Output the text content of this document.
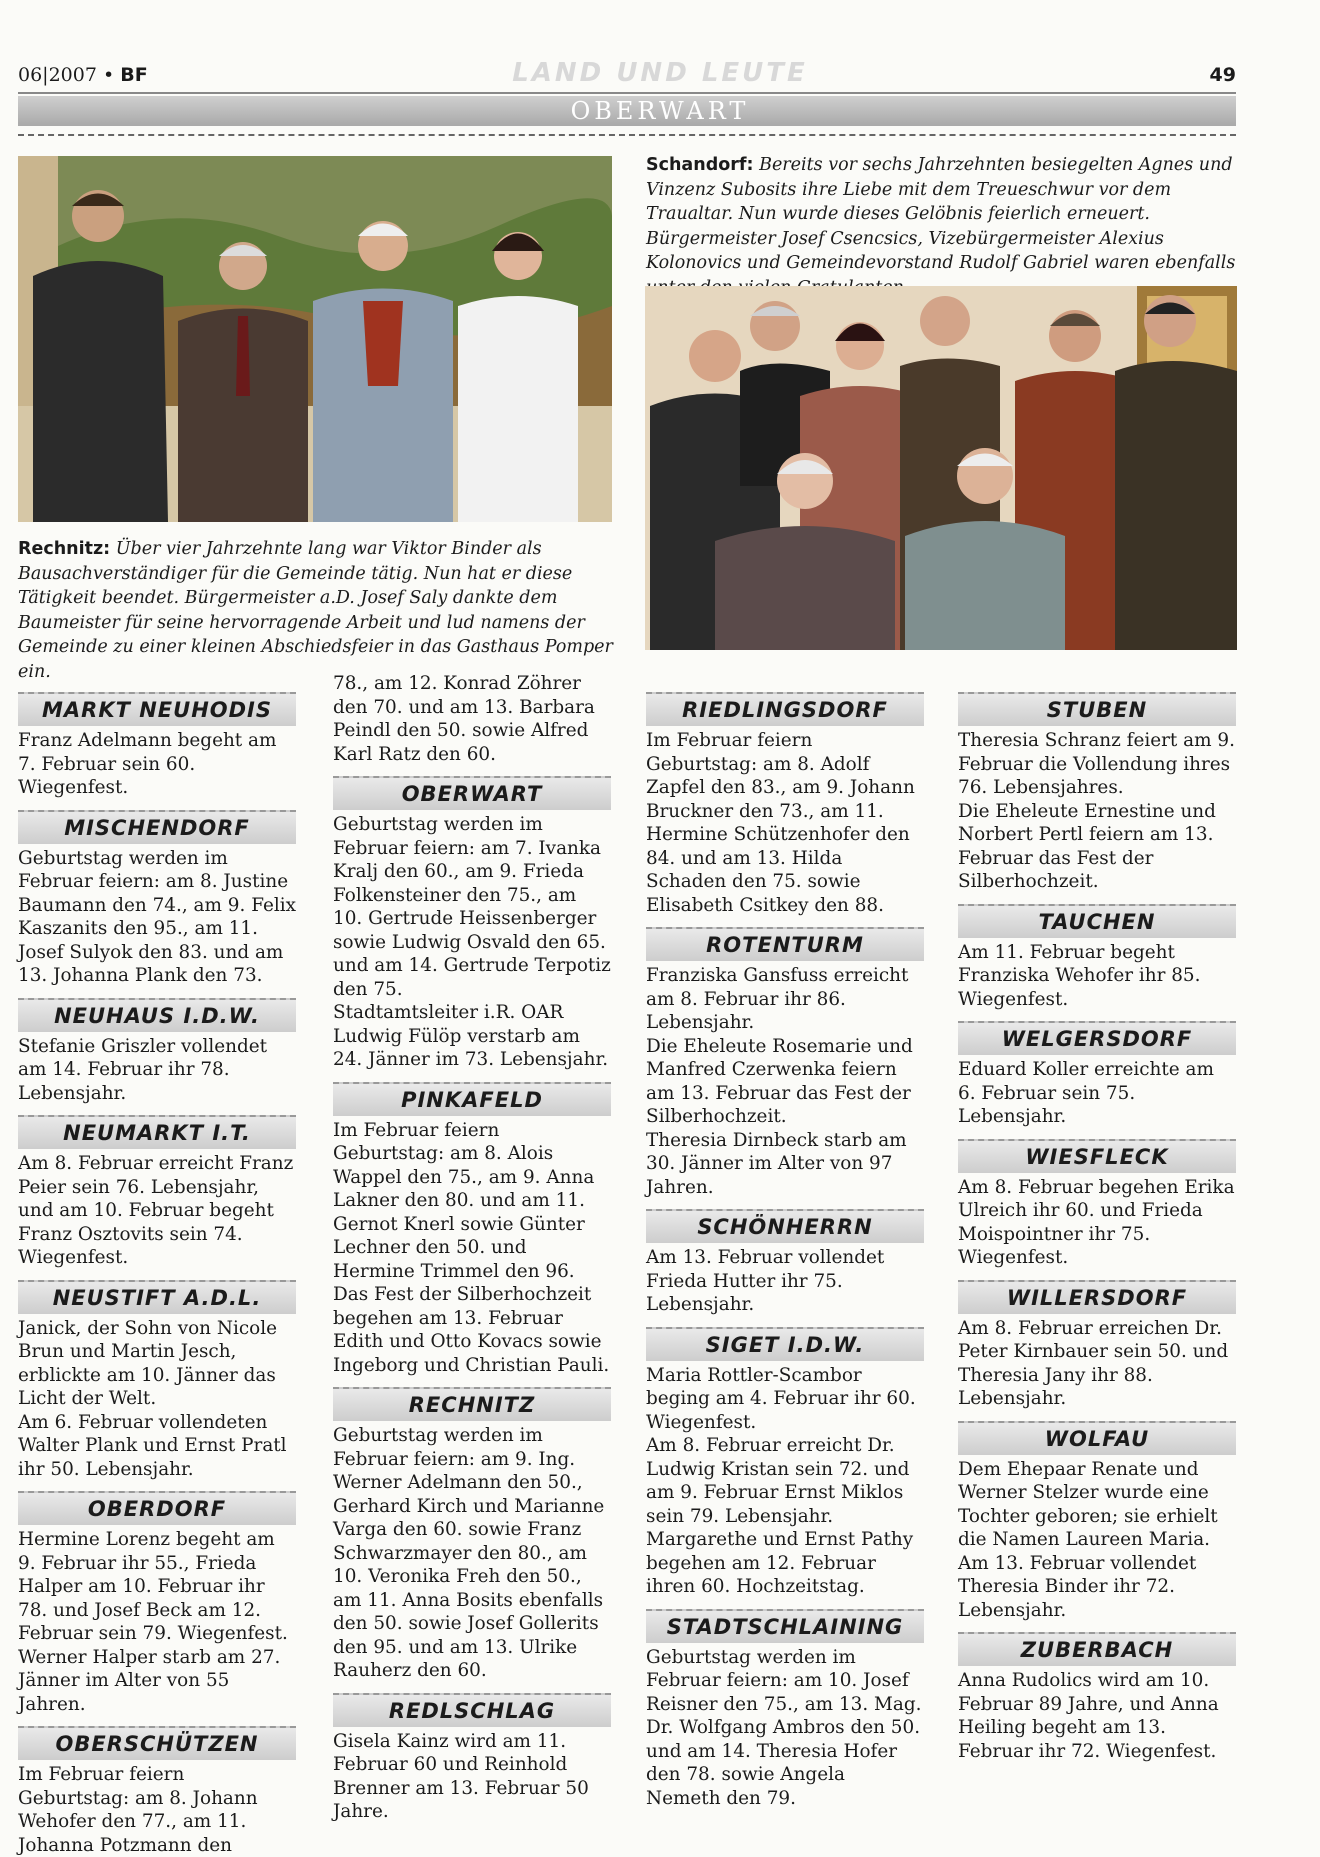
06|2007 • BF	LAND UND LEUTE	49
OBERWART
Schandorf: Bereits vor sechs Jahrzehnten besiegelten Agnes und Vinzenz Subosits ihre Liebe mit dem Treueschwur vor dem Traualtar. Nun wurde dieses Gelöbnis feierlich erneuert. Bürgermeister Josef Csencsics, Vizebürgermeister Alexius Kolonovics und Gemeindevorstand Rudolf Gabriel waren ebenfalls
Rechnitz: Über vier Jahrzehnte lang war Viktor Binder als Bausachverständiger für die Gemeinde tätig. Nun hat er diese Tätigkeit beendet. Bürgermeister a.D. Josef Saly dankte dem Baumeister für seine hervorragende Arbeit und lud namens der Gemeinde zu einer kleinen Abschiedsfeier in das Gasthaus Pomper ein.
MARKT NEUHODIS
Franz Adelmann begeht am 7. Februar sein 60. Wiegenfest.
MISCHENDORF
Geburtstag werden im Februar feiern: am 8. Justine Baumann den 74., am 9. Felix Kaszanits den 95., am 11. Josef Sulyok den 83. und am 13. Johanna Plank den 73.
NEUHAUS I.D.W.
Stefanie Griszler vollendet am 14. Februar ihr 78. Lebensjahr.
NEUMARKT I.T.
Am 8. Februar erreicht Franz Peier sein 76. Lebensjahr, und am 10. Februar begeht Franz Osztovits sein 74. Wiegenfest.
NEUSTIFT A.D.L.
Janick, der Sohn von Nicole Brun und Martin Jesch, erblickte am 10. Jänner das Licht der Welt.
Am 6. Februar vollendeten Walter Plank und Ernst Pratl ihr 50. Lebensjahr.
OBERDORF
Hermine Lorenz begeht am 9. Februar ihr 55., Frieda Halper am 10. Februar ihr 78. und Josef Beck am 12. Februar sein 79. Wiegenfest.
Werner Halper starb am 27. Jänner im Alter von 55 Jahren.
OBERSCHÜTZEN
Im Februar feiern Geburtstag: am 8. Johann Wehofer den 77., am 11. Johanna Potzmann den
78., am 12. Konrad Zöhrer den 70. und am 13. Barbara Peindl den 50. sowie Alfred Karl Ratz den 60.
OBERWART
Geburtstag werden im Februar feiern: am 7. Ivanka Kralj den 60., am 9. Frieda Folkensteiner den 75., am 10. Gertrude Heissenberger sowie Ludwig Osvald den 65. und am 14. Gertrude Terpotiz den 75.
Stadtamtsleiter i.R. OAR Ludwig Fülöp verstarb am 24. Jänner im 73. Lebensjahr.
PINKAFELD
Im Februar feiern Geburtstag: am 8. Alois Wappel den 75., am 9. Anna Lakner den 80. und am 11. Gernot Knerl sowie Günter Lechner den 50. und Hermine Trimmel den 96.
Das Fest der Silberhochzeit begehen am 13. Februar Edith und Otto Kovacs sowie Ingeborg und Christian Pauli.
RECHNITZ
Geburtstag werden im Februar feiern: am 9. Ing. Werner Adelmann den 50., Gerhard Kirch und Marianne Varga den 60. sowie Franz Schwarzmayer den 80., am 10. Veronika Freh den 50., am 11. Anna Bosits ebenfalls den 50. sowie Josef Gollerits den 95. und am 13. Ulrike Rauherz den 60.
REDLSCHLAG
Gisela Kainz wird am 11. Februar 60 und Reinhold Brenner am 13. Februar 50 Jahre.
RIEDLINGSDORF
Im Februar feiern Geburtstag: am 8. Adolf Zapfel den 83., am 9. Johann Bruckner den 73., am 11. Hermine Schützenhofer den 84. und am 13. Hilda Schaden den 75. sowie Elisabeth Csitkey den 88.
ROTENTURM
Franziska Gansfuss erreicht am 8. Februar ihr 86. Lebensjahr.
Die Eheleute Rosemarie und Manfred Czerwenka feiern am 13. Februar das Fest der Silberhochzeit.
Theresia Dirnbeck starb am 30. Jänner im Alter von 97 Jahren.
SCHÖNHERRN
Am 13. Februar vollendet Frieda Hutter ihr 75. Lebensjahr.
SIGET I.D.W.
Maria Rottler-Scambor beging am 4. Februar ihr 60. Wiegenfest.
Am 8. Februar erreicht Dr. Ludwig Kristan sein 72. und am 9. Februar Ernst Miklos sein 79. Lebensjahr.
Margarethe und Ernst Pathy begehen am 12. Februar ihren 60. Hochzeitstag.
STADTSCHLAINING
Geburtstag werden im Februar feiern: am 10. Josef Reisner den 75., am 13. Mag. Dr. Wolfgang Ambros den 50. und am 14. Theresia Hofer den 78. sowie Angela Nemeth den 79.
STUBEN
Theresia Schranz feiert am 9. Februar die Vollendung ihres 76. Lebensjahres.
Die Eheleute Ernestine und Norbert Pertl feiern am 13. Februar das Fest der Silberhochzeit.
TAUCHEN
Am 11. Februar begeht Franziska Wehofer ihr 85. Wiegenfest.
WELGERSDORF
Eduard Koller erreichte am 6. Februar sein 75. Lebensjahr.
WIESFLECK
Am 8. Februar begehen Erika Ulreich ihr 60. und Frieda Moispointner ihr 75. Wiegenfest.
WILLERSDORF
Am 8. Februar erreichen Dr. Peter Kirnbauer sein 50. und Theresia Jany ihr 88. Lebensjahr.
WOLFAU
Dem Ehepaar Renate und Werner Stelzer wurde eine Tochter geboren; sie erhielt die Namen Laureen Maria.
Am 13. Februar vollendet Theresia Binder ihr 72. Lebensjahr.
ZUBERBACH
Anna Rudolics wird am 10. Februar 89 Jahre, und Anna Heiling begeht am 13. Februar ihr 72. Wiegenfest.
